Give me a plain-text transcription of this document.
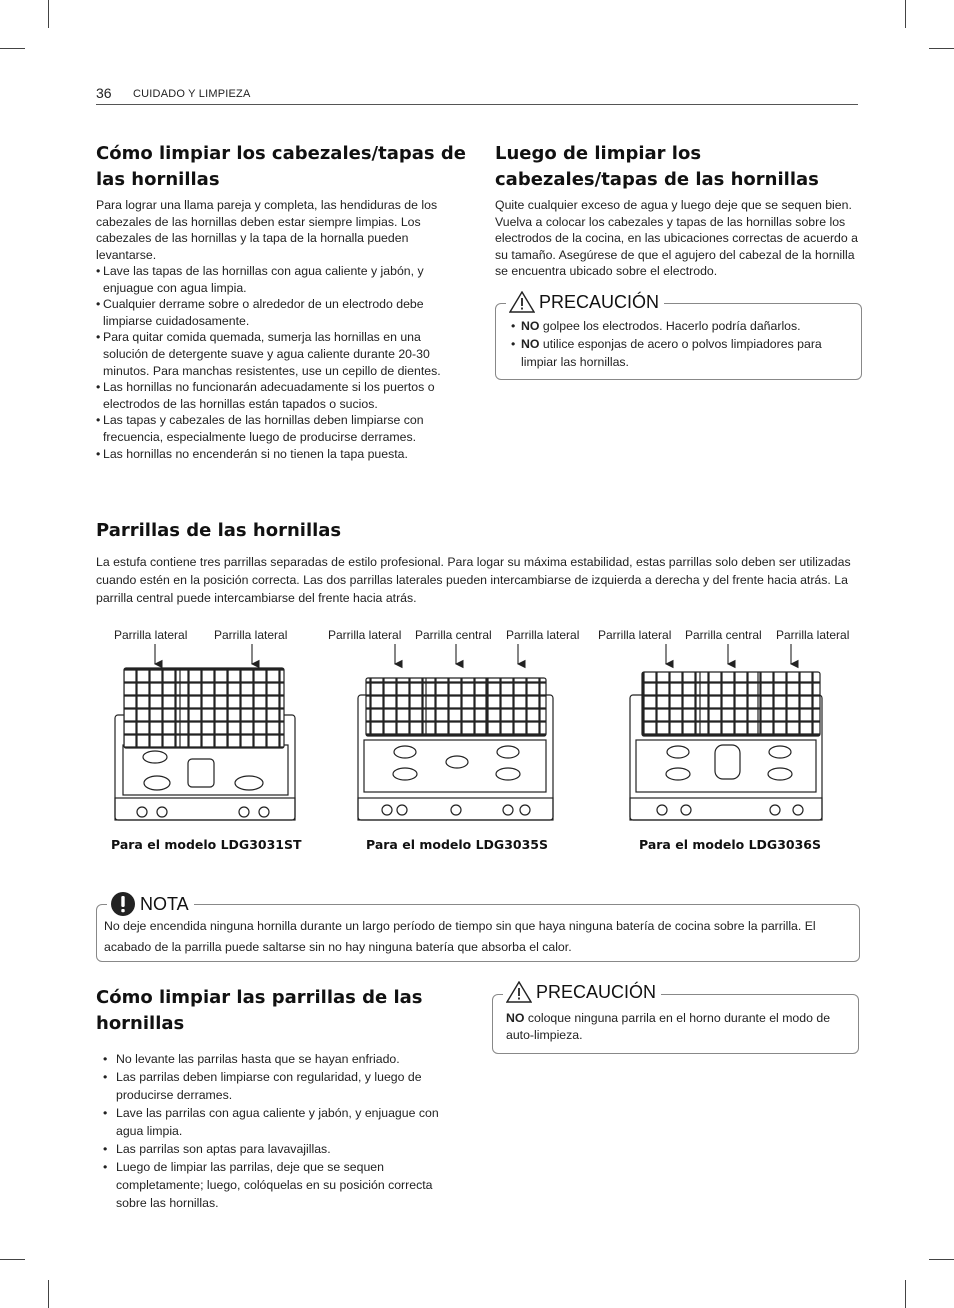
36 CUIDADO Y LIMPIEZA
Cómo limpiar los cabezales/tapas de las hornillas
Para lograr una llama pareja y completa, las hendiduras de los cabezales de las hornillas deben estar siempre limpias. Los cabezales de las hornillas y la tapa de la hornalla pueden levantarse.
• Lave las tapas de las hornillas con agua caliente y jabón, y enjuague con agua limpia.
• Cualquier derrame sobre o alrededor de un electrodo debe limpiarse cuidadosamente.
• Para quitar comida quemada, sumerja las hornillas en una solución de detergente suave y agua caliente durante 20-30 minutos. Para manchas resistentes, use un cepillo de dientes.
• Las hornillas no funcionarán adecuadamente si los puertos o electrodos de las hornillas están tapados o sucios.
• Las tapas y cabezales de las hornillas deben limpiarse con frecuencia, especialmente luego de producirse derrames.
• Las hornillas no encenderán si no tienen la tapa puesta.
Luego de limpiar los cabezales/tapas de las hornillas
Quite cualquier exceso de agua y luego deje que se sequen bien. Vuelva a colocar los cabezales y tapas de las hornillas sobre los electrodos de la cocina, en las ubicaciones correctas de acuerdo a su tamaño. Asegúrese de que el agujero del cabezal de la hornilla se encuentra ubicado sobre el electrodo.
PRECAUCIÓN
• NO golpee los electrodos. Hacerlo podría dañarlos.
• NO utilice esponjas de acero o polvos limpiadores para limpiar las hornillas.
Parrillas de las hornillas
La estufa contiene tres parrillas separadas de estilo profesional. Para logar su máxima estabilidad, estas parrillas solo deben ser utilizadas cuando estén en la posición correcta. Las dos parrillas laterales pueden intercambiarse de izquierda a derecha y del frente hacia atrás. La parrilla central puede intercambiarse del frente hacia atrás.
Parrilla lateral Parrilla lateral	Parrilla lateral Parrilla central Parrilla lateral Parrilla lateral Parrilla central Parrilla lateral
Para el modelo LDG3031ST	Para el modelo LDG3035S	Para el modelo LDG3036S
NOTA
No deje encendida ninguna hornilla durante un largo período de tiempo sin que haya ninguna batería de cocina sobre la parrilla. El acabado de la parrilla puede saltarse sin no hay ninguna batería que absorba el calor.
Cómo limpiar las parrillas de las hornillas
• No levante las parrilas hasta que se hayan enfriado.
• Las parrilas deben limpiarse con regularidad, y luego de producirse derrames.
• Lave las parrilas con agua caliente y jabón, y enjuague con agua limpia.
• Las parrilas son aptas para lavavajillas.
• Luego de limpiar las parrilas, deje que se sequen completamente; luego, colóquelas en su posición correcta sobre las hornillas.
PRECAUCIÓN
NO coloque ninguna parrila en el horno durante el modo de auto-limpieza.
